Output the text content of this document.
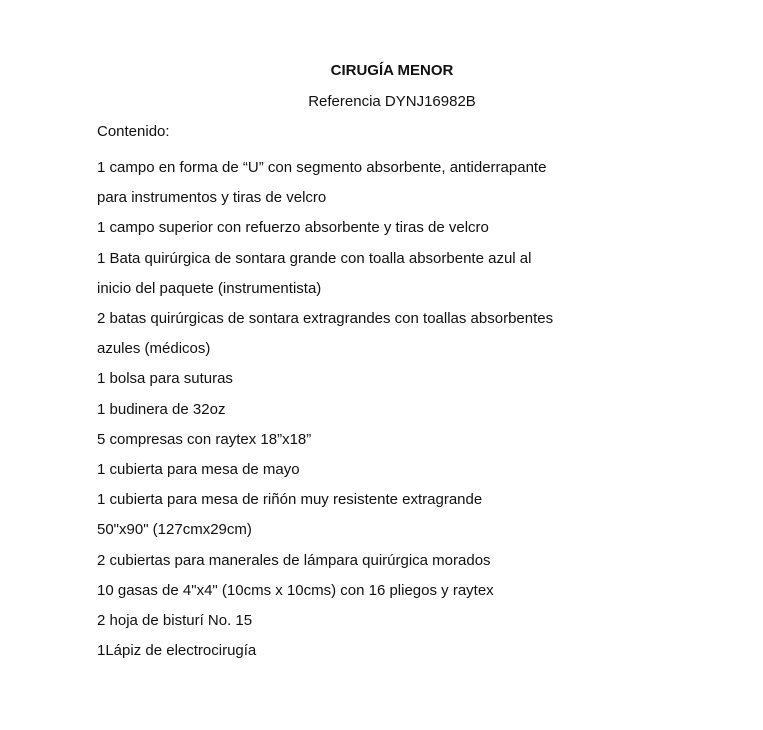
CIRUGÍA MENOR
Referencia DYNJ16982B
Contenido:
1 campo en forma de “U” con segmento absorbente, antiderrapante
para instrumentos y tiras de velcro
1 campo superior con refuerzo absorbente y tiras de velcro
1 Bata quirúrgica de sontara grande con toalla absorbente azul al
inicio del paquete (instrumentista)
2 batas quirúrgicas de sontara extragrandes con toallas absorbentes
azules (médicos)
1 bolsa para suturas
1 budinera de 32oz
5 compresas con raytex 18”x18”
1 cubierta para mesa de mayo
1 cubierta para mesa de riñón muy resistente extragrande
50"x90" (127cmx29cm)
2 cubiertas para manerales de lámpara quirúrgica morados
10 gasas de 4"x4" (10cms x 10cms) con 16 pliegos y raytex
2 hoja de bisturí No. 15
1Lápiz de electrocirugía
